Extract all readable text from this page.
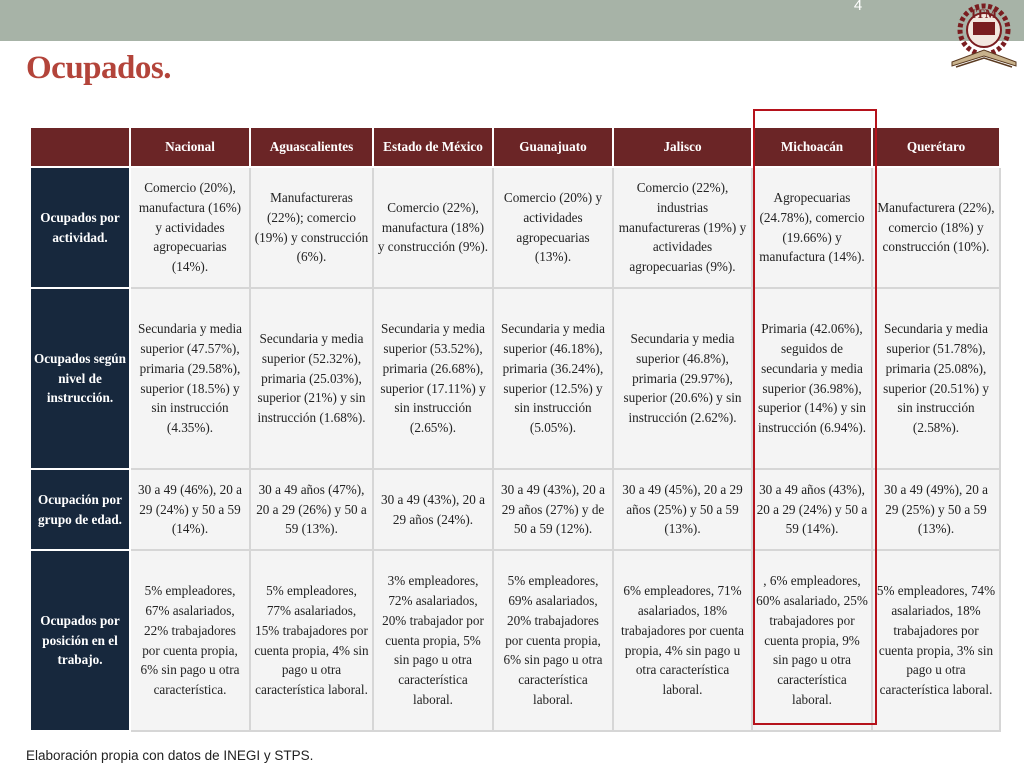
4	ITM
Ocupados.
	Nacional	Aguascalientes	Estado de México	Guanajuato	Jalisco	Michoacán	Querétaro
Ocupados por actividad.	Comercio (20%), manufactura (16%) y actividades agropecuarias (14%).	Manufactureras (22%); comercio (19%) y construcción (6%).	Comercio (22%), manufactura (18%) y construcción (9%).	Comercio (20%) y actividades agropecuarias (13%).	Comercio (22%), industrias manufactureras (19%) y actividades agropecuarias (9%).	Agropecuarias (24.78%), comercio (19.66%) y manufactura (14%).	Manufacturera (22%), comercio (18%) y construcción (10%).
Ocupados según nivel de instrucción.	Secundaria y media superior (47.57%), primaria (29.58%), superior (18.5%) y sin instrucción (4.35%).	Secundaria y media superior (52.32%), primaria (25.03%), superior (21%) y sin instrucción (1.68%).	Secundaria y media superior (53.52%), primaria (26.68%), superior (17.11%) y sin instrucción (2.65%).	Secundaria y media superior (46.18%), primaria (36.24%), superior (12.5%) y sin instrucción (5.05%).	Secundaria y media superior (46.8%), primaria (29.97%), superior (20.6%) y sin instrucción (2.62%).	Primaria (42.06%), seguidos de secundaria y media superior (36.98%), superior (14%) y sin instrucción (6.94%).	Secundaria y media superior (51.78%), primaria (25.08%), superior (20.51%) y sin instrucción (2.58%).
Ocupación por grupo de edad.	30 a 49 (46%), 20 a 29 (24%) y 50 a 59 (14%).	30 a 49 años (47%), 20 a 29 (26%) y 50 a 59 (13%).	30 a 49 (43%), 20 a 29 años (24%).	30 a 49 (43%), 20 a 29 años (27%) y de 50 a 59 (12%).	30 a 49 (45%), 20 a 29 años (25%) y 50 a 59 (13%).	30 a 49 años (43%), 20 a 29 (24%) y 50 a 59 (14%).	30 a 49 (49%), 20 a 29 (25%) y 50 a 59 (13%).
Ocupados por posición en el trabajo.	5% empleadores, 67% asalariados, 22% trabajadores por cuenta propia, 6% sin pago u otra característica.	5% empleadores, 77% asalariados, 15% trabajadores por cuenta propia, 4% sin pago u otra característica laboral.	3% empleadores, 72% asalariados, 20% trabajador por cuenta propia, 5% sin pago u otra característica laboral.	5% empleadores, 69% asalariados, 20% trabajadores por cuenta propia, 6% sin pago u otra característica laboral.	6% empleadores, 71% asalariados, 18% trabajadores por cuenta propia, 4% sin pago u otra característica laboral.	, 6% empleadores, 60% asalariado, 25% trabajadores por cuenta propia, 9% sin pago u otra característica laboral.	5% empleadores, 74% asalariados, 18% trabajadores por cuenta propia, 3% sin pago u otra característica laboral.
Elaboración propia con datos de INEGI y STPS.
